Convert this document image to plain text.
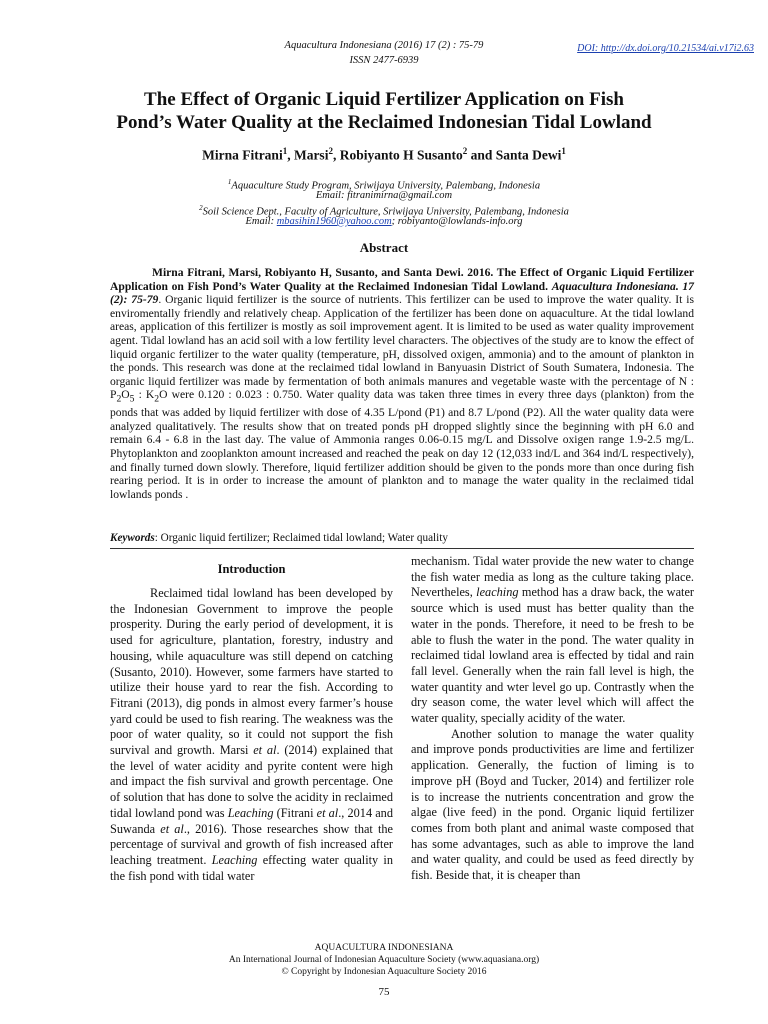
Aquacultura Indonesiana (2016) 17 (2) : 75-79
ISSN 2477-6939
DOI: http://dx.doi.org/10.21534/ai.v17i2.63
The Effect of Organic Liquid Fertilizer Application on Fish
Pond’s Water Quality at the Reclaimed Indonesian Tidal Lowland
Mirna Fitrani$^1$, Marsi$^2$, Robiyanto H Susanto$^2$ and Santa Dewi$^1$
$^1$Aquaculture Study Program, Sriwijaya University, Palembang, Indonesia
Email: fitranimirna@gmail.com
$^2$Soil Science Dept., Faculty of Agriculture, Sriwijaya University, Palembang, Indonesia
Email: mbasihin1960@yahoo.com; robiyanto@lowlands-info.org
Abstract
Mirna Fitrani, Marsi, Robiyanto H, Susanto, and Santa Dewi. 2016. The Effect of Organic Liquid Fertilizer Application on Fish Pond’s Water Quality at the Reclaimed Indonesian Tidal Lowland. Aquacultura Indonesiana. 17 (2): 75-79. Organic liquid fertilizer is the source of nutrients. This fertilizer can be used to improve the water quality. It is enviromentally friendly and relatively cheap. Application of the fertilizer has been done on aquaculture. At the tidal lowland areas, application of this fertilizer is mostly as soil improvement agent. It is limited to be used as water quality improvement agent. Tidal lowland has an acid soil with a low fertility level characters. The objectives of the study are to know the effect of liquid organic fertilizer to the water quality (temperature, pH, dissolved oxigen, ammonia) and to the amount of plankton in the ponds. This research was done at the reclaimed tidal lowland in Banyuasin District of South Sumatera, Indonesia. The organic liquid fertilizer was made by fermentation of both animals manures and vegetable waste with the percentage of N : $P_2O_5$ : $K_2O$ were 0.120 : 0.023 : 0.750. Water quality data was taken three times in every three days (plankton) from the ponds that was added by liquid fertilizer with dose of 4.35 L/pond (P1) and 8.7 L/pond (P2). All the water quality data were analyzed qualitatively. The results show that on treated ponds pH dropped slightly since the beginning with pH 6.0 and remain 6.4 - 6.8 in the last day. The value of Ammonia ranges 0.06-0.15 mg/L and Dissolve oxigen range 1.9-2.5 mg/L. Phytoplankton and zooplankton amount increased and reached the peak on day 12 (12,033 ind/L and 364 ind/L respectively), and finally turned down slowly. Therefore, liquid fertilizer addition should be given to the ponds more than once during fish rearing period. It is in order to increase the amount of plankton and to manage the water quality in the reclaimed tidal lowlands ponds .
Keywords: Organic liquid fertilizer; Reclaimed tidal lowland; Water quality
Introduction

Reclaimed tidal lowland has been developed by the Indonesian Government to improve the people prosperity. During the early period of development, it is used for agriculture, plantation, forestry, industry and housing, while aquaculture was still depend on catching (Susanto, 2010). However, some farmers have started to utilize their house yard to rear the fish. According to Fitrani (2013), dig ponds in almost every farmer’s house yard could be used to fish rearing. The weakness was the poor of water quality, so it could not support the fish survival and growth. Marsi et al. (2014) explained that the level of water acidity and pyrite content were high and impact the fish survival and growth percentage. One of solution that has done to solve the acidity in reclaimed tidal lowland pond was Leaching (Fitrani et al., 2014 and Suwanda et al., 2016). Those researches show that the percentage of survival and growth of fish increased after leaching treatment. Leaching effecting water quality in the fish pond with tidal water

mechanism. Tidal water provide the new water to change the fish water media as long as the culture taking place. Nevertheles, leaching method has a draw back, the water source which is used must has better quality than the water in the ponds. Therefore, it need to be fresh to be able to flush the water in the pond. The water quality in reclaimed tidal lowland area is effected by tidal and rain fall level. Generally when the rain fall level is high, the water quantity and wter level go up. Contrastly when the dry season come, the water level which will affect the water quality, specially acidity of the water.

Another solution to manage the water quality and improve ponds productivities are lime and fertilizer application. Generally, the fuction of liming is to improve pH (Boyd and Tucker, 2014) and fertilizer role is to increase the nutrients concentration and grow the algae (live feed) in the pond. Organic liquid fertilizer comes from both plant and animal waste composed that has some advantages, such as able to improve the land and water quality, and could be used as feed directly by fish. Beside that, it is cheaper than

AQUACULTURA INDONESIANA
An International Journal of Indonesian Aquaculture Society (www.aquasiana.org)
© Copyright by Indonesian Aquaculture Society 2016
75
